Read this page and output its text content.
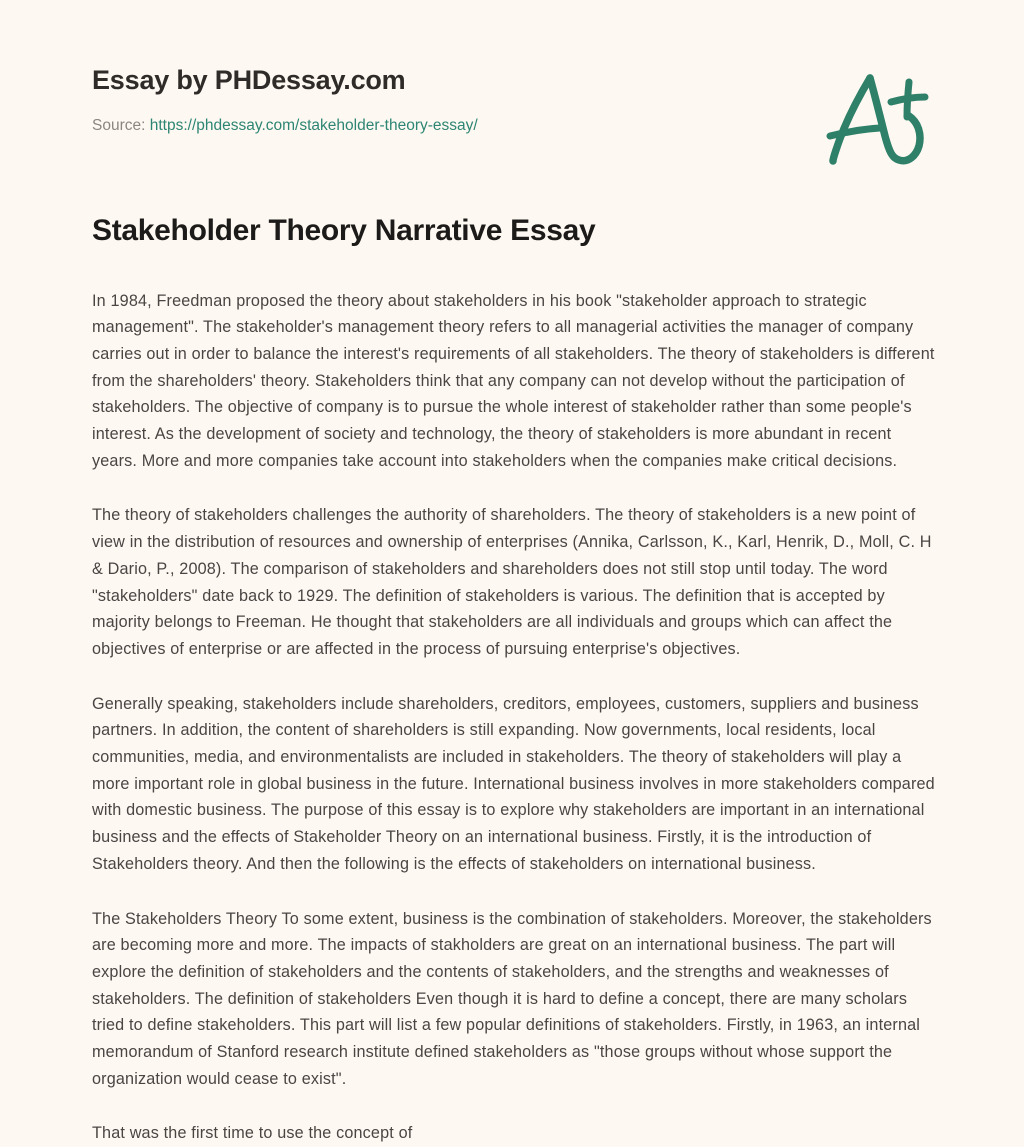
Essay by PHDessay.com
Source: https://phdessay.com/stakeholder-theory-essay/
Stakeholder Theory Narrative Essay

In 1984, Freedman proposed the theory about stakeholders in his book "stakeholder approach to strategic management". The stakeholder's management theory refers to all managerial activities the manager of company carries out in order to balance the interest's requirements of all stakeholders. The theory of stakeholders is different from the shareholders' theory. Stakeholders think that any company can not develop without the participation of stakeholders. The objective of company is to pursue the whole interest of stakeholder rather than some people's interest. As the development of society and technology, the theory of stakeholders is more abundant in recent years. More and more companies take account into stakeholders when the companies make critical decisions.

The theory of stakeholders challenges the authority of shareholders. The theory of stakeholders is a new point of view in the distribution of resources and ownership of enterprises (Annika, Carlsson, K., Karl, Henrik, D., Moll, C. H & Dario, P., 2008). The comparison of stakeholders and shareholders does not still stop until today. The word "stakeholders" date back to 1929. The definition of stakeholders is various. The definition that is accepted by majority belongs to Freeman. He thought that stakeholders are all individuals and groups which can affect the objectives of enterprise or are affected in the process of pursuing enterprise's objectives.

Generally speaking, stakeholders include shareholders, creditors, employees, customers, suppliers and business partners. In addition, the content of shareholders is still expanding. Now governments, local residents, local communities, media, and environmentalists are included in stakeholders. The theory of stakeholders will play a more important role in global business in the future. International business involves in more stakeholders compared with domestic business. The purpose of this essay is to explore why stakeholders are important in an international business and the effects of Stakeholder Theory on an international business. Firstly, it is the introduction of Stakeholders theory. And then the following is the effects of stakeholders on international business.

The Stakeholders Theory To some extent, business is the combination of stakeholders. Moreover, the stakeholders are becoming more and more. The impacts of stakholders are great on an international business. The part will explore the definition of stakeholders and the contents of stakeholders, and the strengths and weaknesses of stakeholders. The definition of stakeholders Even though it is hard to define a concept, there are many scholars tried to define stakeholders. This part will list a few popular definitions of stakeholders. Firstly, in 1963, an internal memorandum of Stanford research institute defined stakeholders as "those groups without whose support the organization would cease to exist".

That was the first time to use the concept of
